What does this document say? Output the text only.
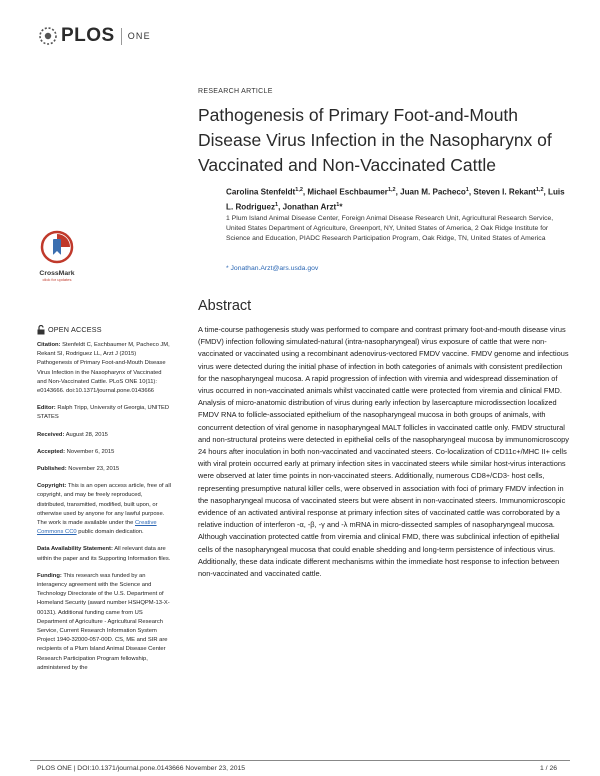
PLOS ONE
RESEARCH ARTICLE
Pathogenesis of Primary Foot-and-Mouth Disease Virus Infection in the Nasopharynx of Vaccinated and Non-Vaccinated Cattle
Carolina Stenfeldt$^{1,2}$, Michael Eschbaumer$^{1,2}$, Juan M. Pacheco$^1$, Steven I. Rekant$^{1,2}$, Luis L. Rodriguez$^1$, Jonathan Arzt$^1$*
1 Plum Island Animal Disease Center, Foreign Animal Disease Research Unit, Agricultural Research Service, United States Department of Agriculture, Greenport, NY, United States of America, 2 Oak Ridge Institute for Science and Education, PIADC Research Participation Program, Oak Ridge, TN, United States of America
* Jonathan.Arzt@ars.usda.gov
CrossMark
click for updates
OPEN ACCESS
Citation: Stenfeldt C, Eschbaumer M, Pacheco JM, Rekant SI, Rodriguez LL, Arzt J (2015) Pathogenesis of Primary Foot-and-Mouth Disease Virus Infection in the Nasopharynx of Vaccinated and Non-Vaccinated Cattle. PLoS ONE 10(11): e0143666. doi:10.1371/journal.pone.0143666
Editor: Ralph Tripp, University of Georgia, UNITED STATES
Received: August 28, 2015
Accepted: November 6, 2015
Published: November 23, 2015
Copyright: This is an open access article, free of all copyright, and may be freely reproduced, distributed, transmitted, modified, built upon, or otherwise used by anyone for any lawful purpose. The work is made available under the Creative Commons CC0 public domain dedication.
Data Availability Statement: All relevant data are within the paper and its Supporting Information files.
Funding: This research was funded by an interagency agreement with the Science and Technology Directorate of the U.S. Department of Homeland Security (award number HSHQPM-13-X-00131). Additional funding came from US Department of Agriculture - Agricultural Research Service, Current Research Information System Project 1940-32000-057-00D. CS, ME and SIR are recipients of a Plum Island Animal Disease Center Research Participation Program fellowship, administered by the
Abstract

A time-course pathogenesis study was performed to compare and contrast primary foot-and-mouth disease virus (FMDV) infection following simulated-natural (intra-nasopharyngeal) virus exposure of cattle that were non-vaccinated or vaccinated using a recombinant adenovirus-vectored FMDV vaccine. FMDV genome and infectious virus were detected during the initial phase of infection in both categories of animals with consistent predilection for the nasopharyngeal mucosa. A rapid progression of infection with viremia and widespread dissemination of virus occurred in non-vaccinated animals whilst vaccinated cattle were protected from viremia and clinical FMD. Analysis of micro-anatomic distribution of virus during early infection by lasercapture microdissection localized FMDV RNA to follicle-associated epithelium of the nasopharyngeal mucosa in both groups of animals, with concurrent detection of viral genome in nasopharyngeal MALT follicles in vaccinated cattle only. FMDV structural and non-structural proteins were detected in epithelial cells of the nasopharyngeal mucosa by immunomicroscopy 24 hours after inoculation in both non-vaccinated and vaccinated steers. Co-localization of CD11c+/MHC II+ cells with viral protein occurred early at primary infection sites in vaccinated steers while similar host-virus interactions were observed at later time points in non-vaccinated steers. Additionally, numerous CD8+/CD3- host cells, representing presumptive natural killer cells, were observed in association with foci of primary FMDV infection in the nasopharyngeal mucosa of vaccinated steers but were absent in non-vaccinated steers. Immunomicroscopic evidence of an activated antiviral response at primary infection sites of vaccinated cattle was corroborated by a relative induction of interferon -α, -β, -γ and -λ mRNA in micro-dissected samples of nasopharyngeal mucosa. Although vaccination protected cattle from viremia and clinical FMD, there was subclinical infection of epithelial cells of the nasopharyngeal mucosa that could enable shedding and long-term persistence of infectious virus. Additionally, these data indicate different mechanisms within the immediate host response to infection between non-vaccinated and vaccinated cattle.

PLOS ONE | DOI:10.1371/journal.pone.0143666 November 23, 2015	1 / 26
